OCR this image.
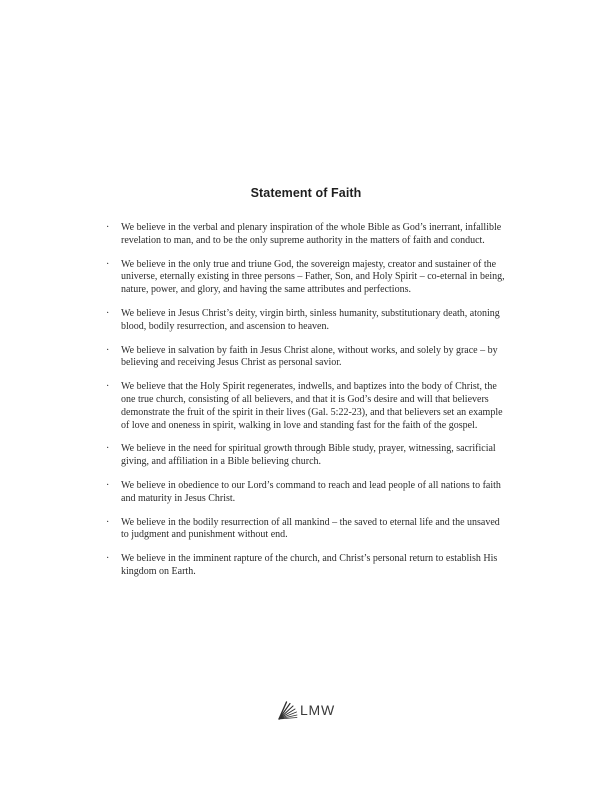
Statement of Faith
·	We believe in the verbal and plenary inspiration of the whole Bible as God’s inerrant, infallible revelation to man, and to be the only supreme authority in the matters of faith and conduct.
·	We believe in the only true and triune God, the sovereign majesty, creator and sustainer of the universe, eternally existing in three persons – Father, Son, and Holy Spirit – co-eternal in being, nature, power, and glory, and having the same attributes and perfections.
·	We believe in Jesus Christ’s deity, virgin birth, sinless humanity, substitutionary death, atoning blood, bodily resurrection, and ascension to heaven.
·	We believe in salvation by faith in Jesus Christ alone, without works, and solely by grace – by believing and receiving Jesus Christ as personal savior.
·	We believe that the Holy Spirit regenerates, indwells, and baptizes into the body of Christ, the one true church, consisting of all believers, and that it is God’s desire and will that believers demonstrate the fruit of the spirit in their lives (Gal. 5:22-23), and that believers set an example of love and oneness in spirit, walking in love and standing fast for the faith of the gospel.
·	We believe in the need for spiritual growth through Bible study, prayer, witnessing, sacrificial giving, and affiliation in a Bible believing church.
·	We believe in obedience to our Lord’s command to reach and lead people of all nations to faith and maturity in Jesus Christ.
·	We believe in the bodily resurrection of all mankind – the saved to eternal life and the unsaved to judgment and punishment without end.
·	We believe in the imminent rapture of the church, and Christ’s personal return to establish His kingdom on Earth.
LMW
